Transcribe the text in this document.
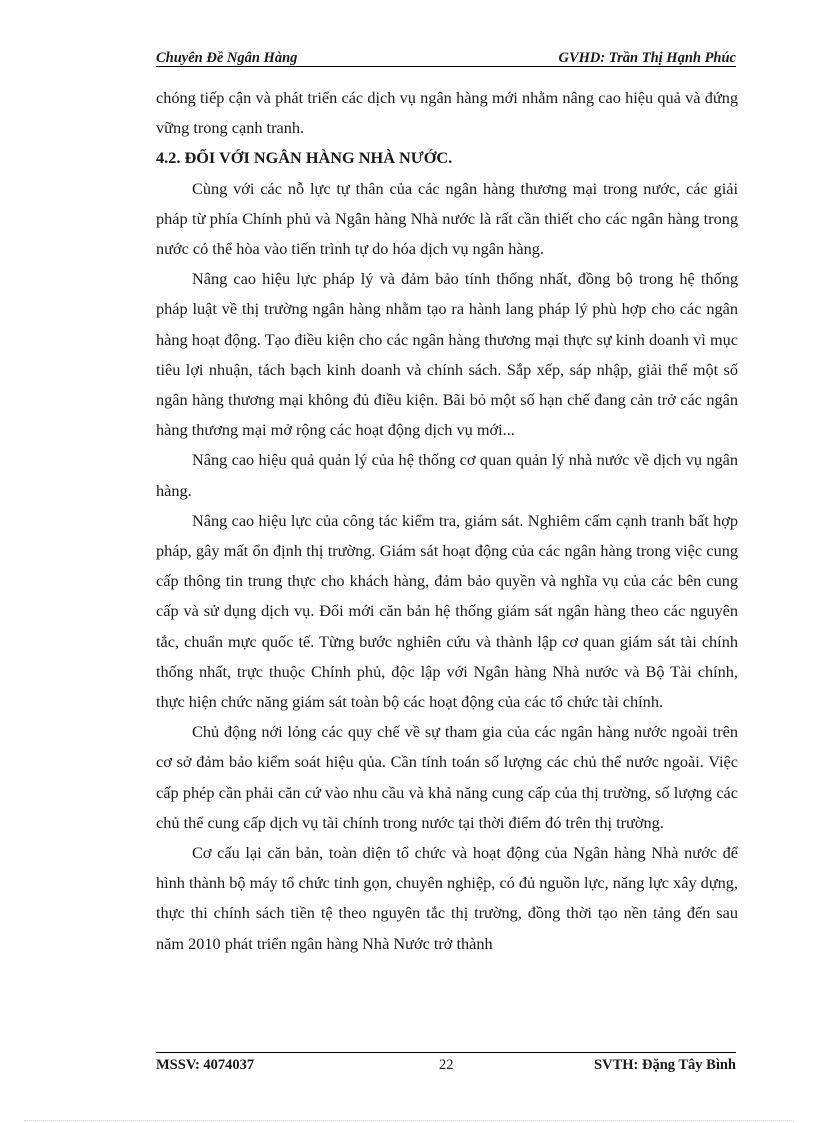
Chuyên Đề Ngân Hàng	GVHD: Trần Thị Hạnh Phúc

chóng tiếp cận và phát triển các dịch vụ ngân hàng mới nhằm nâng cao hiệu quả và đứng vững trong cạnh tranh.

4.2. ĐỐI VỚI NGÂN HÀNG NHÀ NƯỚC.

Cùng với các nỗ lực tự thân của các ngân hàng thương mại trong nước, các giải pháp từ phía Chính phủ và Ngân hàng Nhà nước là rất cần thiết cho các ngân hàng trong nước có thể hòa vào tiến trình tự do hóa dịch vụ ngân hàng.

Nâng cao hiệu lực pháp lý và đảm bảo tính thống nhất, đồng bộ trong hệ thống pháp luật về thị trường ngân hàng nhằm tạo ra hành lang pháp lý phù hợp cho các ngân hàng hoạt động. Tạo điều kiện cho các ngân hàng thương mại thực sự kinh doanh vì mục tiêu lợi nhuận, tách bạch kinh doanh và chính sách. Sắp xếp, sáp nhập, giải thể một số ngân hàng thương mại không đủ điều kiện. Bãi bỏ một số hạn chế đang cản trở các ngân hàng thương mại mở rộng các hoạt động dịch vụ mới...

Nâng cao hiệu quả quản lý của hệ thống cơ quan quản lý nhà nước về dịch vụ ngân hàng.

Nâng cao hiệu lực của công tác kiểm tra, giám sát. Nghiêm cấm cạnh tranh bất hợp pháp, gây mất ổn định thị trường. Giám sát hoạt động của các ngân hàng trong việc cung cấp thông tin trung thực cho khách hàng, đảm bảo quyền và nghĩa vụ của các bên cung cấp và sử dụng dịch vụ. Đổi mới căn bản hệ thống giám sát ngân hàng theo các nguyên tắc, chuẩn mực quốc tế. Từng bước nghiên cứu và thành lập cơ quan giám sát tài chính thống nhất, trực thuộc Chính phủ, độc lập với Ngân hàng Nhà nước và Bộ Tài chính, thực hiện chức năng giám sát toàn bộ các hoạt động của các tổ chức tài chính.

Chủ động nới lỏng các quy chế về sự tham gia của các ngân hàng nước ngoài trên cơ sở đảm bảo kiểm soát hiệu qủa. Cần tính toán số lượng các chủ thể nước ngoài. Việc cấp phép cần phải căn cứ vào nhu cầu và khả năng cung cấp của thị trường, số lượng các chủ thể cung cấp dịch vụ tài chính trong nước tại thời điểm đó trên thị trường.

Cơ cấu lại căn bản, toàn diện tổ chức và hoạt động của Ngân hàng Nhà nước để hình thành bộ máy tổ chức tinh gọn, chuyên nghiệp, có đủ nguồn lực, năng lực xây dựng, thực thi chính sách tiền tệ theo nguyên tắc thị trường, đồng thời tạo nền tảng đến sau năm 2010 phát triển ngân hàng Nhà Nước trở thành

MSSV: 4074037	22	SVTH: Đặng Tây Bình
